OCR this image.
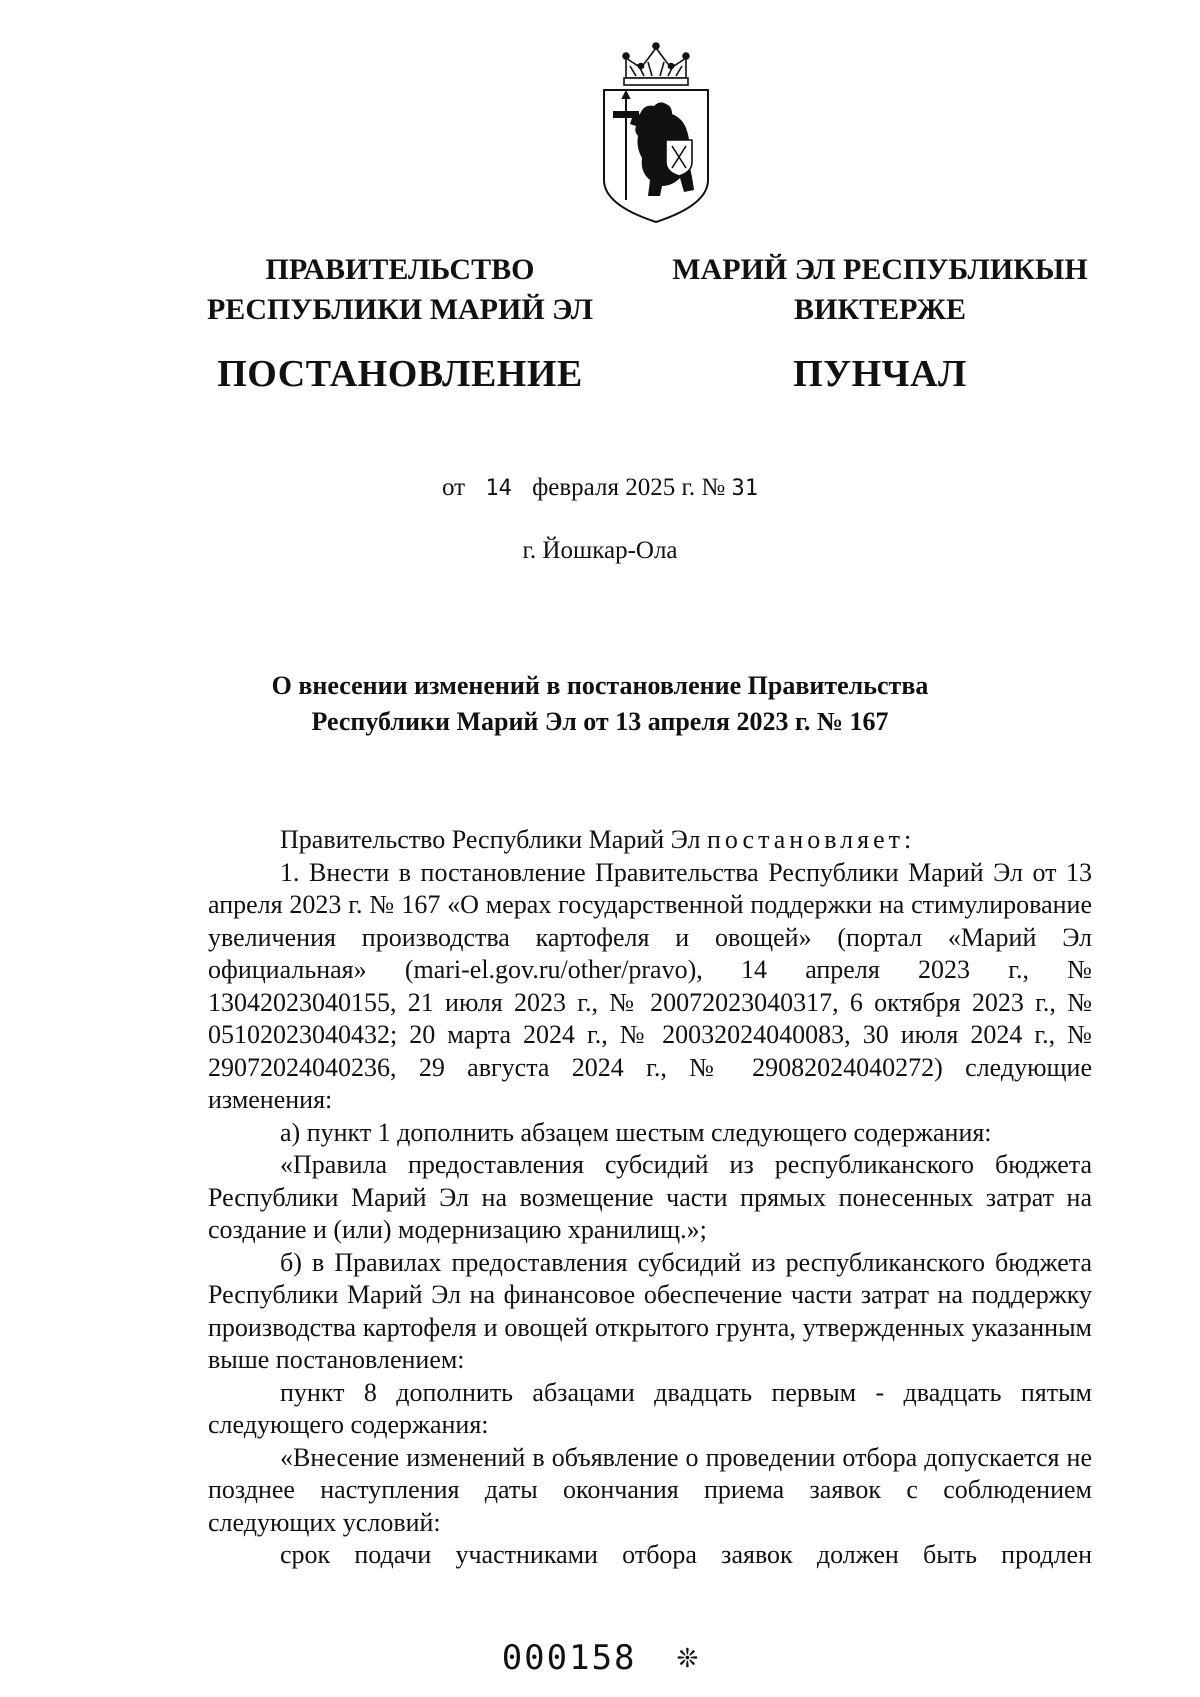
ПРАВИТЕЛЬСТВО
РЕСПУБЛИКИ МАРИЙ ЭЛ
ПОСТАНОВЛЕНИЕ
МАРИЙ ЭЛ РЕСПУБЛИКЫН
ВИКТЕРЖЕ
ПУНЧАЛ
от 14 февраля 2025 г. № 31
г. Йошкар-Ола
О внесении изменений в постановление Правительства
Республики Марий Эл от 13 апреля 2023 г. № 167

Правительство Республики Марий Эл постановляет:

1. Внести в постановление Правительства Республики Марий Эл от 13 апреля 2023 г. № 167 «О мерах государственной поддержки на стимулирование увеличения производства картофеля и овощей» (портал «Марий Эл официальная» (mari-el.gov.ru/other/pravo), 14 апреля 2023 г., № 13042023040155, 21 июля 2023 г., № 20072023040317, 6 октября 2023 г., № 05102023040432; 20 марта 2024 г., № 20032024040083, 30 июля 2024 г., № 29072024040236, 29 августа 2024 г., № 29082024040272) следующие изменения:

а) пункт 1 дополнить абзацем шестым следующего содержания:

«Правила предоставления субсидий из республиканского бюджета Республики Марий Эл на возмещение части прямых понесенных затрат на создание и (или) модернизацию хранилищ.»;

б) в Правилах предоставления субсидий из республиканского бюджета Республики Марий Эл на финансовое обеспечение части затрат на поддержку производства картофеля и овощей открытого грунта, утвержденных указанным выше постановлением:

пункт 8 дополнить абзацами двадцать первым - двадцать пятым следующего содержания:

«Внесение изменений в объявление о проведении отбора допускается не позднее наступления даты окончания приема заявок с соблюдением следующих условий:

срок подачи участниками отбора заявок должен быть продлен

000158 ❊
